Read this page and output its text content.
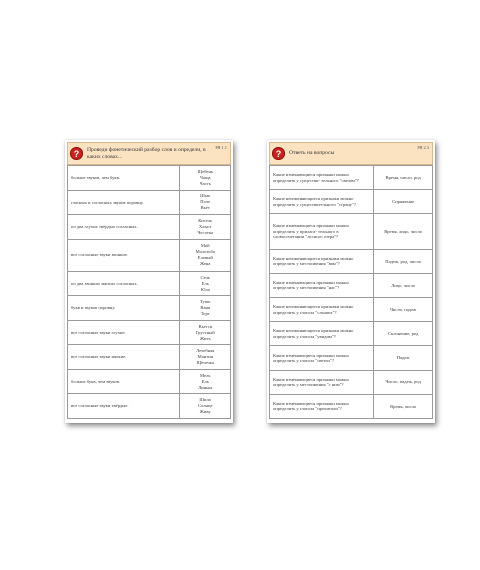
?	Проведи фонетический разбор слов и определи, в каких словах...
РЯ 1.1
больше звуков, чем букв.	Щебень
Чаща
Часть

гласных и согласных звуков поровну.	Шью
Поле
Вьёт

по два глухих твёрдых согласных.	Кисель
Хлыст
Чесотка

все согласные звуки звонкие.	Мой
Молотьба
Еловый
Жена

по два звонких мягких согласных.	Сель
Ель
Юла

букв и звуков поровну.	Тушь
Ваня
Торт

все согласные звуки глухие.	Вьется
Грустный
Жить

все согласные звуки мягкие.	Лечебная
Мантия
Щёчечка

больше букв, чем звуков.	Мель
Ель
Линька

все согласные звуки твёрдые.	Шило
Солнце
Живу
?	Ответь на вопросы
РЯ 2.3
Какие изменяющиеся признаки можно определить у существи- тельного "свечам"?	Время, число, род
Какие неизменяющиеся признаки можно определить у существительного "страну"?	Спряжение
Какие изменяющиеся признаки можно определить у прилага- тельного в словосочетании "лесного озера"?	Время, лицо, число
Какие неизменяющиеся признаки можно определить у местоимения "вам"?	Падеж, род, число
Какие изменяющиеся признаки можно определить у местоимения "нас"?	Лицо, число
Какие неизменяющиеся признаки можно определить у глагола "слышит"?	Число, падеж
Какие неизменяющиеся признаки можно определить у глагола "увидим"?	Склонение, род
Какие изменяющиеся признаки можно определить у глагола "светил"?	Падеж
Какие изменяющиеся признаки можно определить у местоимения "с ним"?	Число, падеж, род
Какие изменяющиеся признаки можно определить у глагола "прочитали"?	Время, число
